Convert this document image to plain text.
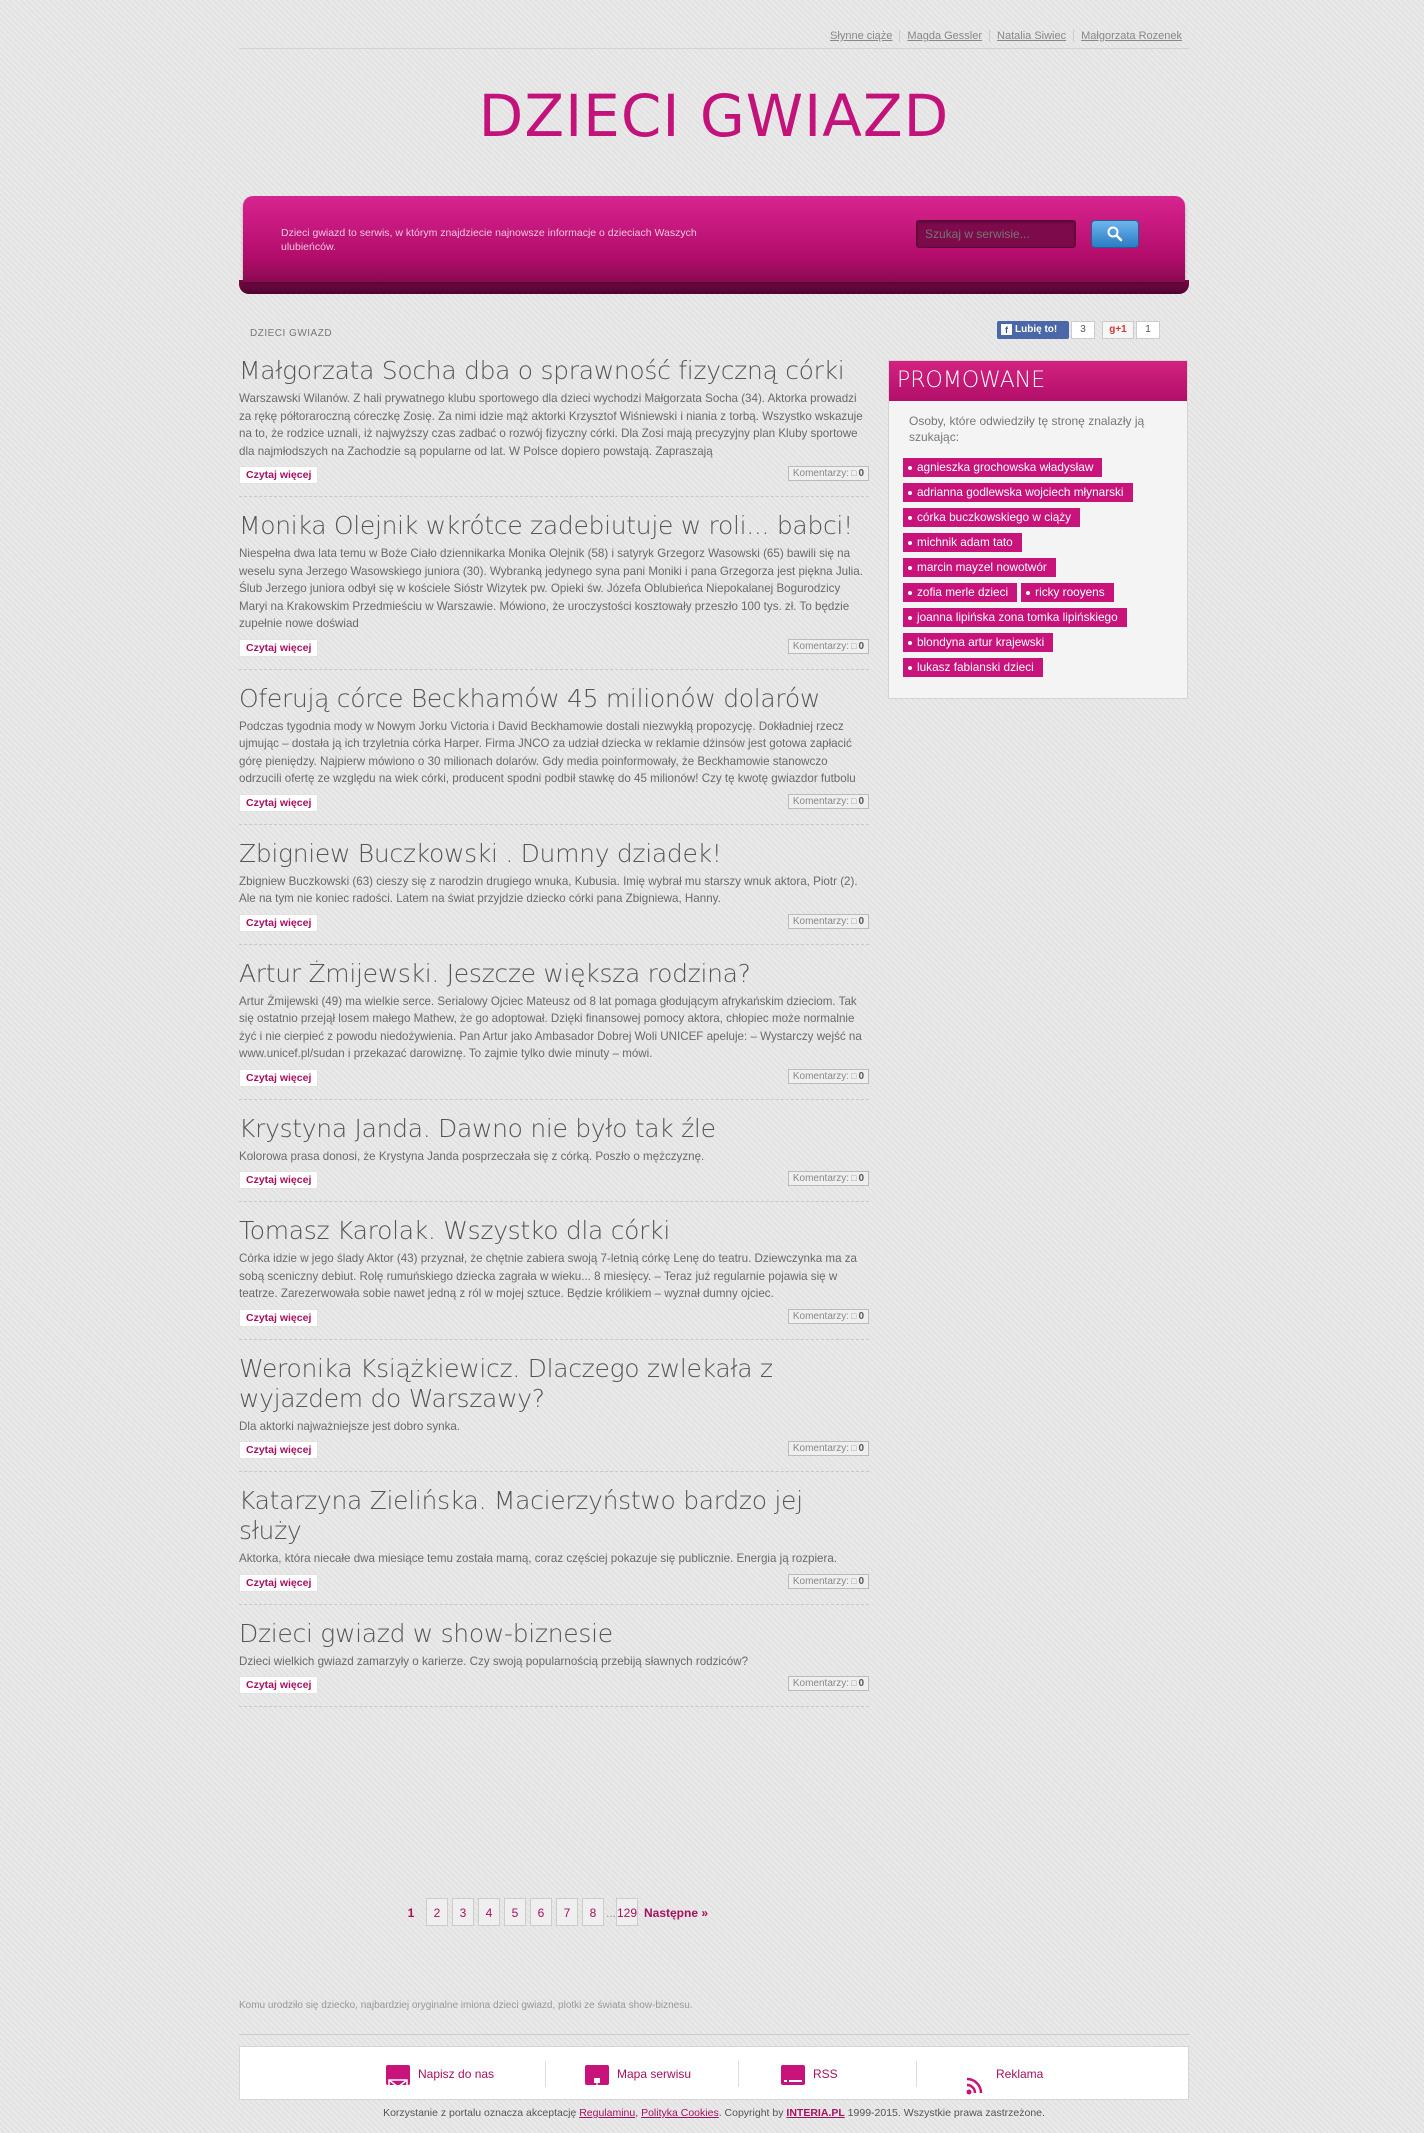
Słynne ciąże Magda Gessler Natalia Siwiec Małgorzata Rozenek
DZIECI GWIAZD
Dzieci gwiazd to serwis, w którym znajdziecie najnowsze informacje o dzieciach Waszych ulubieńców.
Szukaj w serwisie...
DZIECI GWIAZD	f Lubię to!	3	g+1	1
Małgorzata Socha dba o sprawność fizyczną córki

Warszawski Wilanów. Z hali prywatnego klubu sportowego dla dzieci wychodzi Małgorzata Socha (34). Aktorka prowadzi za rękę półtoraroczną córeczkę Zosię. Za nimi idzie mąż aktorki Krzysztof Wiśniewski i niania z torbą. Wszystko wskazuje na to, że rodzice uznali, iż najwyższy czas zadbać o rozwój fizyczny córki. Dla Zosi mają precyzyjny plan Kluby sportowe dla najmłodszych na Zachodzie są popularne od lat. W Polsce dopiero powstają. Zapraszają

Czytaj więcej	Komentarzy: □ 0
Monika Olejnik wkrótce zadebiutuje w roli... babci!

Niespełna dwa lata temu w Boże Ciało dziennikarka Monika Olejnik (58) i satyryk Grzegorz Wasowski (65) bawili się na weselu syna Jerzego Wasowskiego juniora (30). Wybranką jedynego syna pani Moniki i pana Grzegorza jest piękna Julia. Ślub Jerzego juniora odbył się w kościele Sióstr Wizytek pw. Opieki św. Józefa Oblubieńca Niepokalanej Bogurodzicy Maryi na Krakowskim Przedmieściu w Warszawie. Mówiono, że uroczystości kosztowały przeszło 100 tys. zł. To będzie zupełnie nowe doświad

Czytaj więcej	Komentarzy: □ 0
Oferują córce Beckhamów 45 milionów dolarów

Podczas tygodnia mody w Nowym Jorku Victoria i David Beckhamowie dostali niezwykłą propozycję. Dokładniej rzecz ujmując – dostała ją ich trzyletnia córka Harper. Firma JNCO za udział dziecka w reklamie dżinsów jest gotowa zapłacić górę pieniędzy. Najpierw mówiono o 30 milionach dolarów. Gdy media poinformowały, że Beckhamowie stanowczo odrzucili ofertę ze względu na wiek córki, producent spodni podbił stawkę do 45 milionów! Czy tę kwotę gwiazdor futbolu

Czytaj więcej	Komentarzy: □ 0
Zbigniew Buczkowski . Dumny dziadek!

Zbigniew Buczkowski (63) cieszy się z narodzin drugiego wnuka, Kubusia. Imię wybrał mu starszy wnuk aktora, Piotr (2). Ale na tym nie koniec radości. Latem na świat przyjdzie dziecko córki pana Zbigniewa, Hanny.

Czytaj więcej	Komentarzy: □ 0
Artur Żmijewski. Jeszcze większa rodzina?

Artur Żmijewski (49) ma wielkie serce. Serialowy Ojciec Mateusz od 8 lat pomaga głodującym afrykańskim dzieciom. Tak się ostatnio przejął losem małego Mathew, że go adoptował. Dzięki finansowej pomocy aktora, chłopiec może normalnie żyć i nie cierpieć z powodu niedożywienia. Pan Artur jako Ambasador Dobrej Woli UNICEF apeluje: – Wystarczy wejść na www.unicef.pl/sudan i przekazać darowiznę. To zajmie tylko dwie minuty – mówi.

Czytaj więcej	Komentarzy: □ 0
Krystyna Janda. Dawno nie było tak źle

Kolorowa prasa donosi, że Krystyna Janda posprzeczała się z córką. Poszło o mężczyznę.

Czytaj więcej	Komentarzy: □ 0
Tomasz Karolak. Wszystko dla córki

Córka idzie w jego ślady Aktor (43) przyznał, że chętnie zabiera swoją 7-letnią córkę Lenę do teatru. Dziewczynka ma za sobą sceniczny debiut. Rolę rumuńskiego dziecka zagrała w wieku... 8 miesięcy. – Teraz już regularnie pojawia się w teatrze. Zarezerwowała sobie nawet jedną z ról w mojej sztuce. Będzie królikiem – wyznał dumny ojciec.

Czytaj więcej	Komentarzy: □ 0
Weronika Książkiewicz. Dlaczego zwlekała z wyjazdem do Warszawy?

Dla aktorki najważniejsze jest dobro synka.

Czytaj więcej	Komentarzy: □ 0
Katarzyna Zielińska. Macierzyństwo bardzo jej służy

Aktorka, która niecałe dwa miesiące temu została mamą, coraz częściej pokazuje się publicznie. Energia ją rozpiera.

Czytaj więcej	Komentarzy: □ 0
Dzieci gwiazd w show-biznesie

Dzieci wielkich gwiazd zamarzyły o karierze. Czy swoją popularnością przebiją sławnych rodziców?

Czytaj więcej	Komentarzy: □ 0
1 2 3 4 5 6 7 8 ...129 Następne »
PROMOWANE
Osoby, które odwiedziły tę stronę znalazły ją szukając:
agnieszka grochowska władysławadrianna godlewska wojciech młynarskicórka buczkowskiego w ciążymichnik adam tatomarcin mayzel nowotwórzofia merle dzieci ricky rooyensjoanna lipińska zona tomka lipińskiegoblondyna artur krajewskilukasz fabianski dzieci
Komu urodziło się dziecko, najbardziej oryginalne imiona dzieci gwiazd, plotki ze świata show-biznesu.
Napisz do nas	Mapa serwisu	RSS	Reklama
Korzystanie z portalu oznacza akceptację Regulaminu, Polityka Cookies. Copyright by INTERIA.PL 1999-2015. Wszystkie prawa zastrzeżone.
